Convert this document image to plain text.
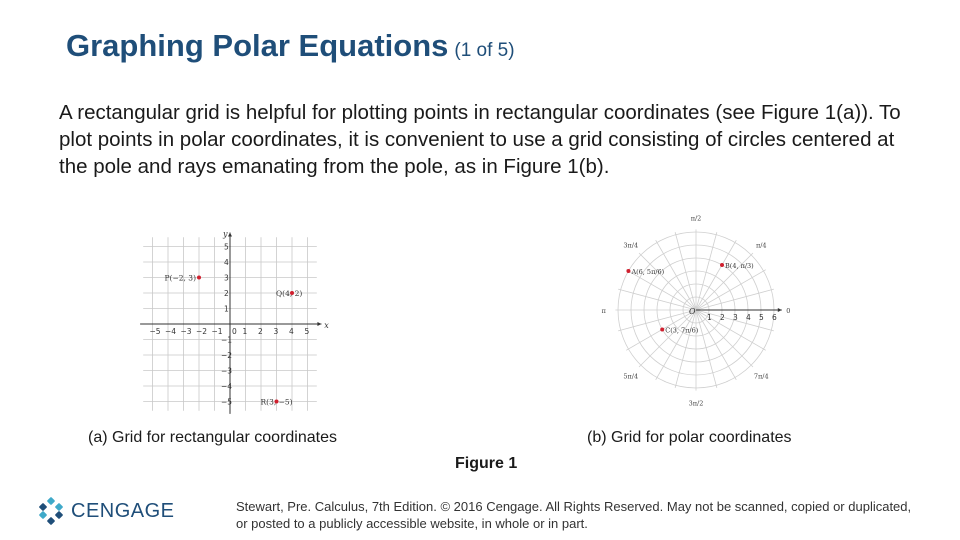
Graphing Polar Equations (1 of 5)

A rectangular grid is helpful for plotting points in rectangular coordinates (see Figure 1(a)). To plot points in polar coordinates, it is convenient to use a grid consisting of circles centered at the pole and rays emanating from the pole, as in Figure 1(b).

x
y
−5 −4 −3 −2 −1 0 1 2 3 4 5
5
4
3
2
1
−1
−2
−3
−4
−5
P(−2, 3)
Q(4, 2)
R(3, −5)
O
1 2 3 4 5 6
π/2
π/4
0
7π/4
3π/2
5π/4
π
3π/4
A(6, 5π/6)
B(4, π/3)
C(3, 7π/6)
(a) Grid for rectangular coordinates	(b) Grid for polar coordinates
Figure 1
CENGAGE	Stewart, Pre. Calculus, 7th Edition. © 2016 Cengage. All Rights Reserved. May not be scanned, copied or duplicated, or posted to a publicly accessible website, in whole or in part.
